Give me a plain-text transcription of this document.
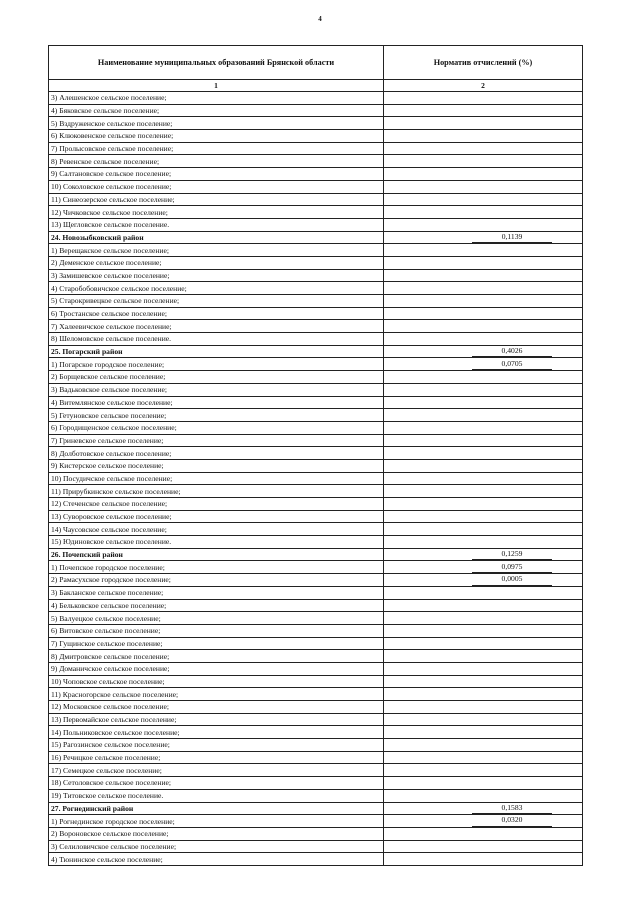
4
Наименование муниципальных образований Брянской области	Норматив отчислений (%)
1	2
3) Алешенское сельское поселение;	
4) Бяковское сельское поселение;	
5) Вздруженское сельское поселение;	
6) Клюковенское сельское поселение;	
7) Пролысовское сельское поселение;	
8) Ревенское сельское поселение;	
9) Салтановское сельское поселение;	
10) Соколовское сельское поселение;	
11) Синеозерское сельское поселение;	
12) Чичковское сельское поселение;	
13) Щегловское сельское поселение.	
24. Новозыбковский район	0,1139

1) Верещакское сельское поселение;	
2) Деменское сельское поселение;	
3) Замишевское сельское поселение;	
4) Старобобовичское сельское поселение;	
5) Старокривецкое сельское поселение;	
6) Тростанское сельское поселение;	
7) Халеевичское сельское поселение;	
8) Шеломовское сельское поселение.	
25. Погарский район	0,4026

1) Погарское городское поселение;	0,0705

2) Борщевское сельское поселение;	
3) Вадьковское сельское поселение;	
4) Витемлянское сельское поселение;	
5) Гетуновское сельское поселение;	
6) Городищенское сельское поселение;	
7) Гриневское сельское поселение;	
8) Долботовское сельское поселение;	
9) Кистерское сельское поселение;	
10) Посудичское сельское поселение;	
11) Прирубкинское сельское поселение;	
12) Стеченское сельское поселение;	
13) Суворовское сельское поселение;	
14) Чаусовское сельское поселение;	
15) Юдиновское сельское поселение.	
26. Почепский район	0,1259

1) Почепское городское поселение;	0,0975

2) Рамасухское городское поселение;	0,0005

3) Бакланское сельское поселение;	
4) Бельковское сельское поселение;	
5) Валуецкое сельское поселение;	
6) Витовское сельское поселение;	
7) Гущинское сельское поселение;	
8) Дмитровское сельское поселение;	
9) Доманичское сельское поселение;	
10) Чоповское сельское поселение;	
11) Красногорское сельское поселение;	
12) Московское сельское поселение;	
13) Первомайское сельское поселение;	
14) Польниковское сельское поселение;	
15) Рагозинское сельское поселение;	
16) Речицкое сельское поселение;	
17) Семецкое сельское поселение;	
18) Сетоловское сельское поселение;	
19) Титовское сельское поселение.	
27. Рогнединский район	0,1583

1) Рогнединское городское поселение;	0,0320

2) Вороновское сельское поселение;	
3) Селиловичское сельское поселение;	
4) Тюнинское сельское поселение;	
